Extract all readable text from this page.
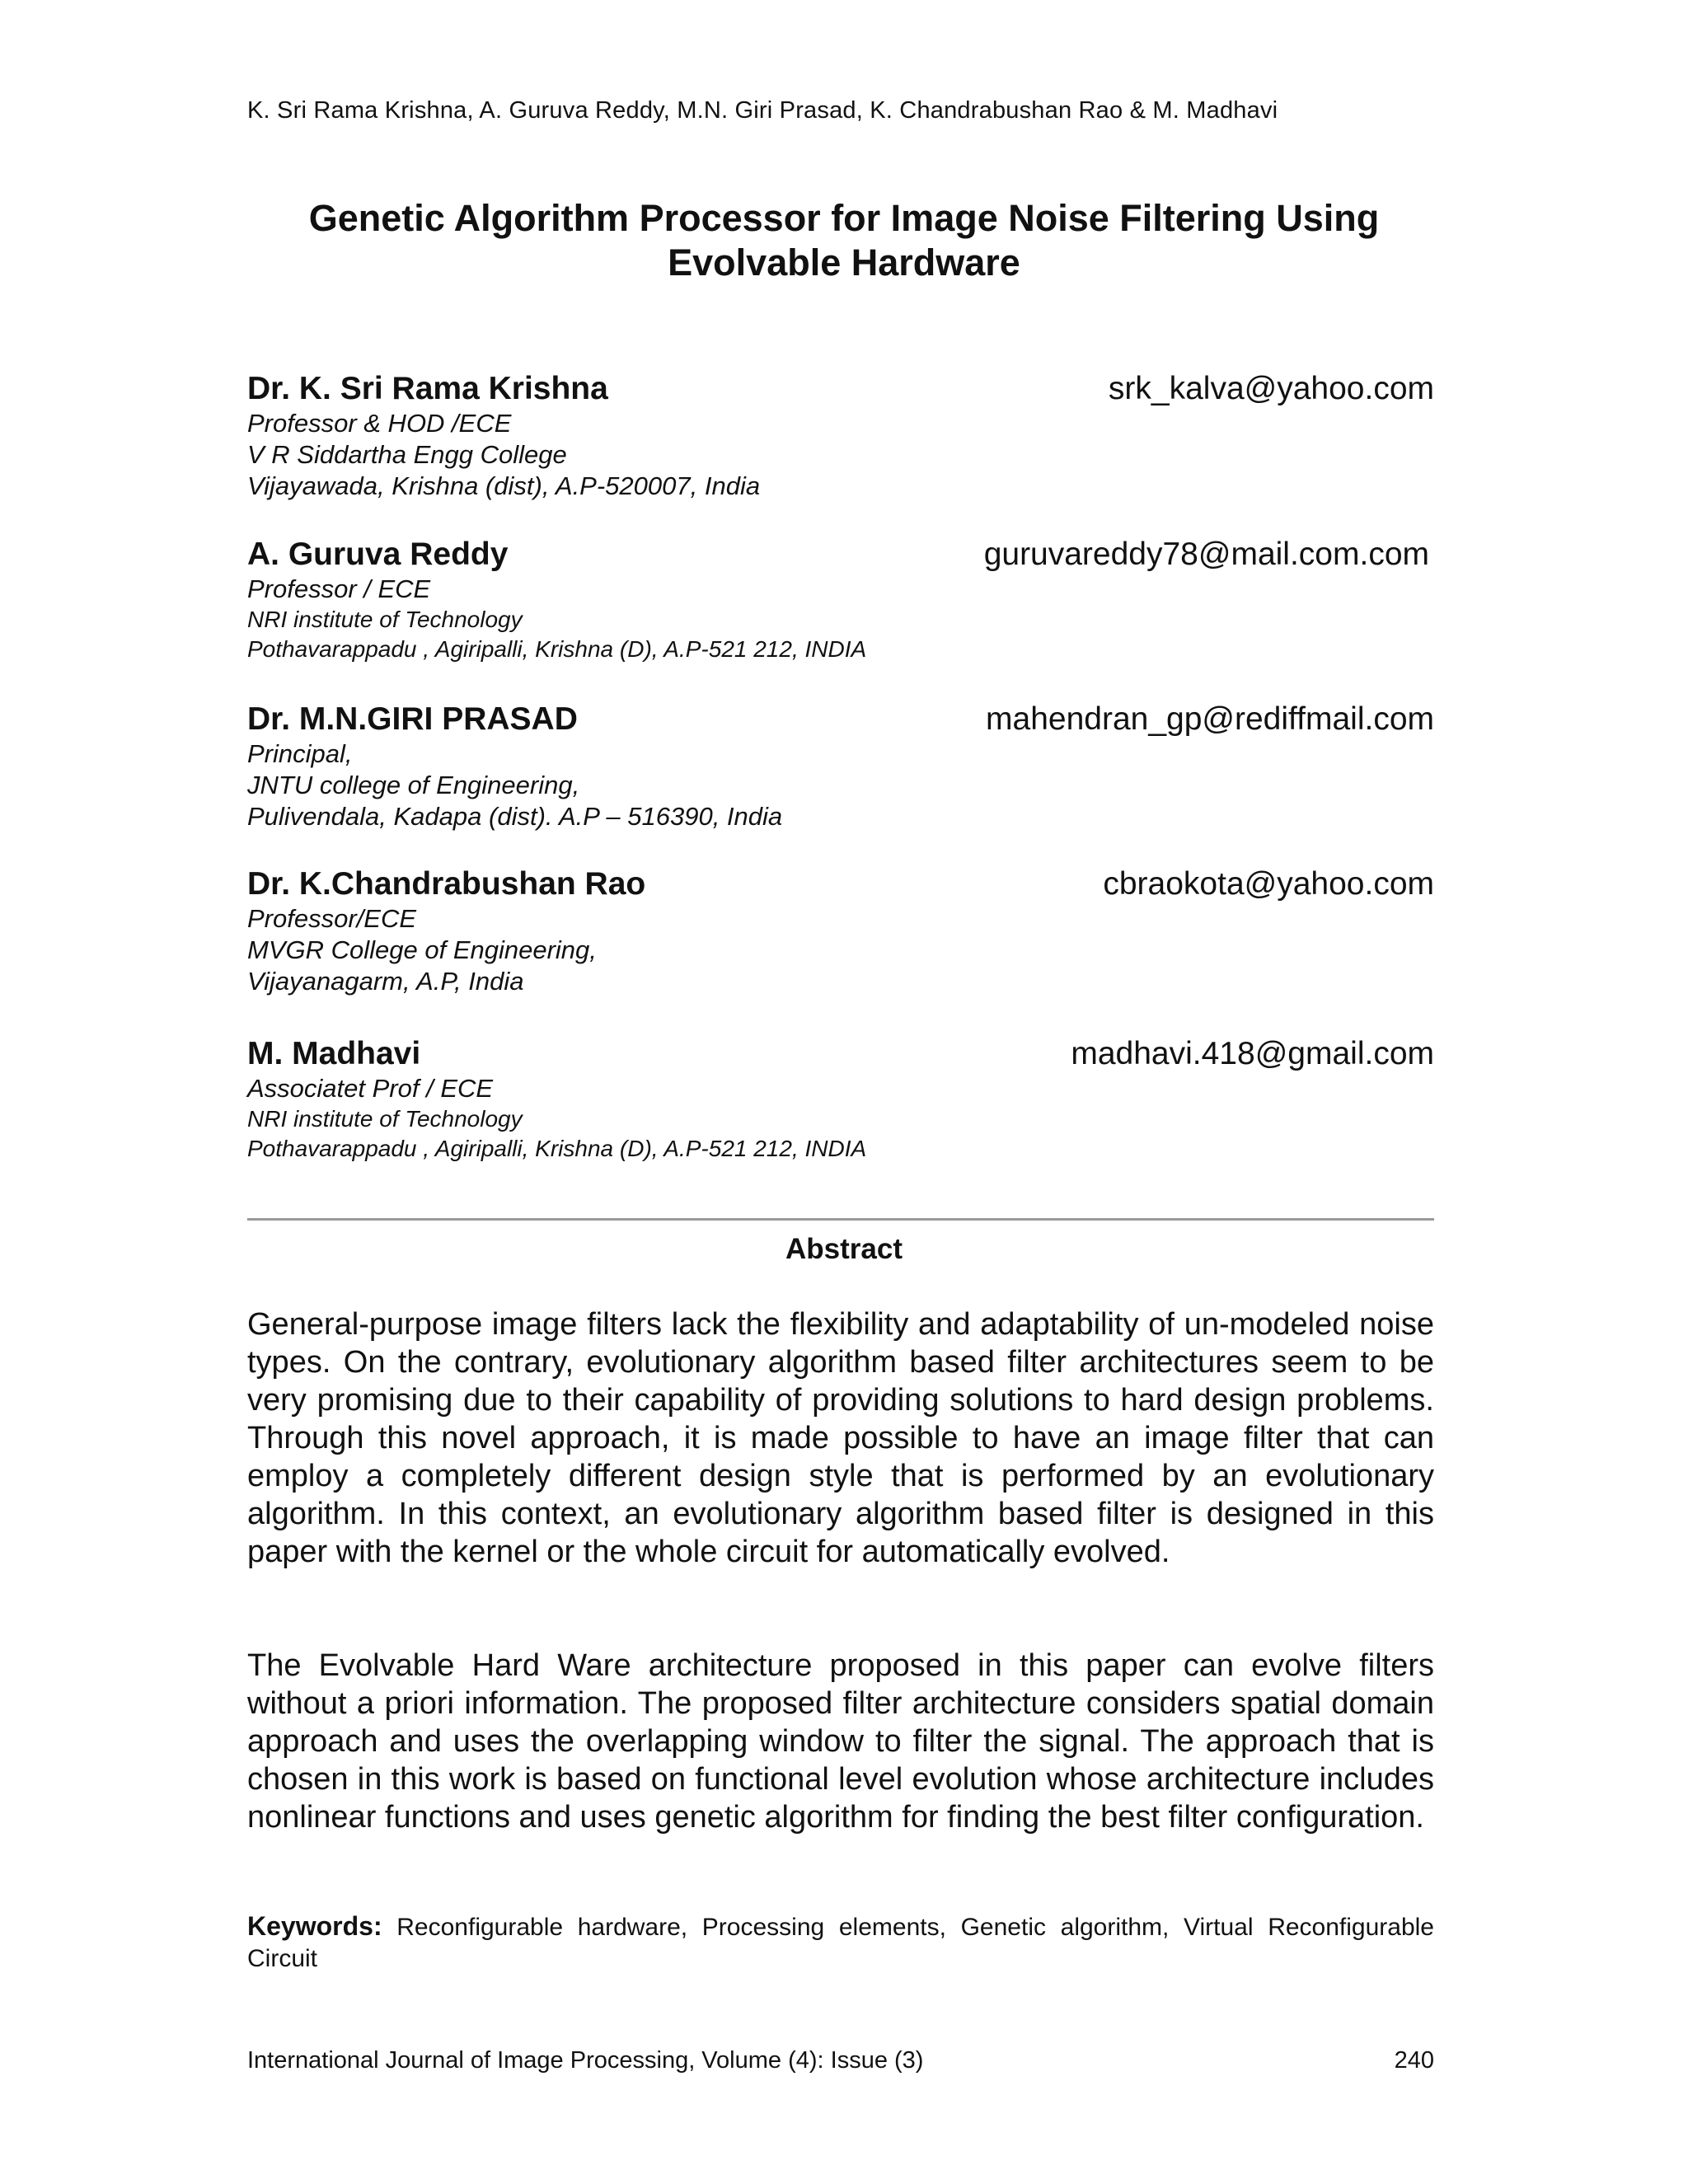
K. Sri Rama Krishna, A. Guruva Reddy, M.N. Giri Prasad, K. Chandrabushan Rao & M. Madhavi
Genetic Algorithm Processor for Image Noise Filtering Using
Evolvable Hardware
Dr. K. Sri Rama Krishna	srk_kalva@yahoo.com
Professor & HOD /ECE
V R Siddartha Engg College
Vijayawada, Krishna (dist), A.P-520007, India
A. Guruva Reddy	guruvareddy78@mail.com.com
Professor / ECE
NRI institute of Technology
Pothavarappadu , Agiripalli, Krishna (D), A.P-521 212, INDIA
Dr. M.N.GIRI PRASAD	mahendran_gp@rediffmail.com
Principal,
JNTU college of Engineering,
Pulivendala, Kadapa (dist). A.P – 516390, India
Dr. K.Chandrabushan Rao	cbraokota@yahoo.com
Professor/ECE
MVGR College of Engineering,
Vijayanagarm, A.P, India
M. Madhavi	madhavi.418@gmail.com
Associatet Prof / ECE
NRI institute of Technology
Pothavarappadu , Agiripalli, Krishna (D), A.P-521 212, INDIA
Abstract
General-purpose image filters lack the flexibility and adaptability of un-modeled noise types. On the contrary, evolutionary algorithm based filter architectures seem to be very promising due to their capability of providing solutions to hard design problems. Through this novel approach, it is made possible to have an image filter that can employ a completely different design style that is performed by an evolutionary algorithm. In this context, an evolutionary algorithm based filter is designed in this paper with the kernel or the whole circuit for automatically evolved.
The Evolvable Hard Ware architecture proposed in this paper can evolve filters without a priori information. The proposed filter architecture considers spatial domain approach and uses the overlapping window to filter the signal. The approach that is chosen in this work is based on functional level evolution whose architecture includes nonlinear functions and uses genetic algorithm for finding the best filter configuration.
Keywords: Reconfigurable hardware, Processing elements, Genetic algorithm, Virtual Reconfigurable Circuit
International Journal of Image Processing, Volume (4): Issue (3)	240
